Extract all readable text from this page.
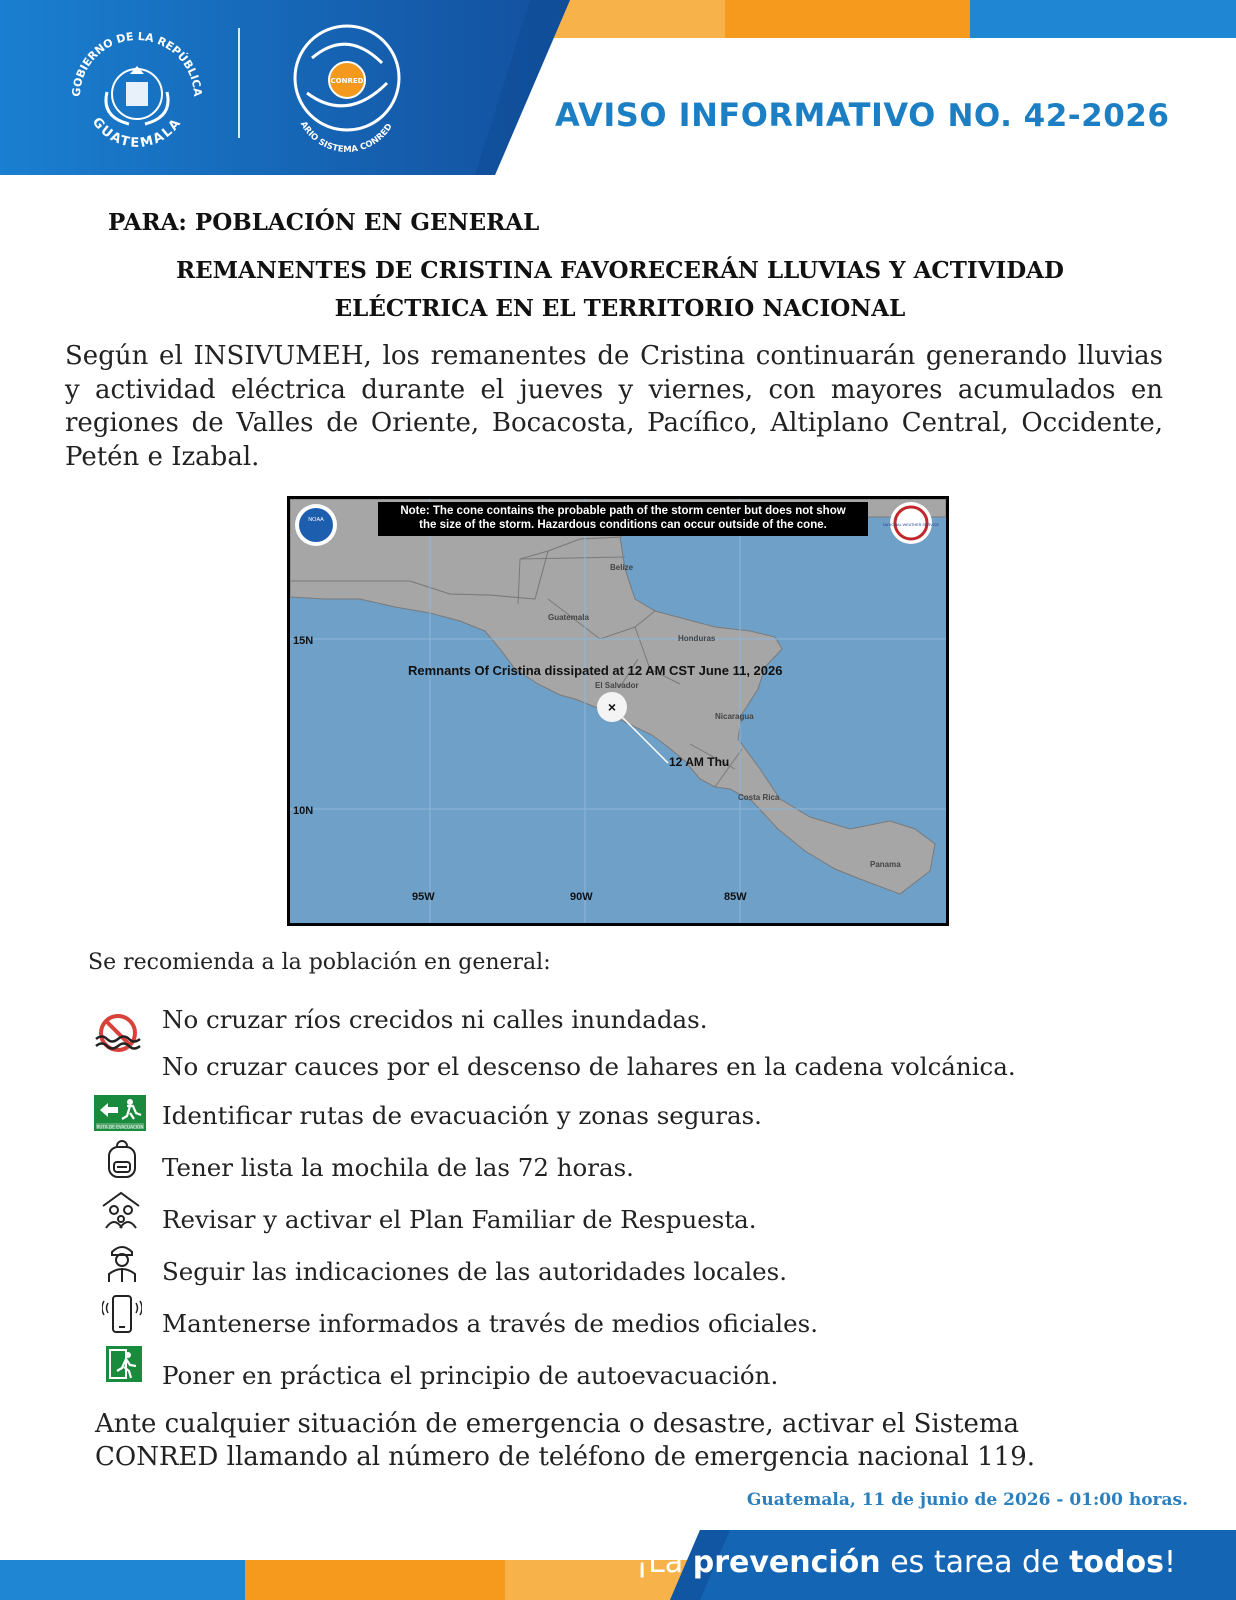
GOBIERNO DE LA REPÚBLICA
GUATEMALA
CONRED
ARIO SISTEMA CONRED	AVISO INFORMATIVO NO. 42-2026
PARA: POBLACIÓN EN GENERAL
REMANENTES DE CRISTINA FAVORECERÁN LLUVIAS Y ACTIVIDAD
ELÉCTRICA EN EL TERRITORIO NACIONAL
Según el INSIVUMEH, los remanentes de Cristina continuarán generando lluvias y actividad eléctrica durante el jueves y viernes, con mayores acumulados en regiones de Valles de Oriente, Bocacosta, Pacífico, Altiplano Central, Occidente, Petén e Izabal.
NOAA
NATIONAL WEATHER SERVICE
×
Note: The cone contains the probable path of the storm center but does not show
the size of the storm. Hazardous conditions can occur outside of the cone.
Belize
Guatemala
Honduras
El Salvador
Nicaragua
Costa Rica
Panama
15N
10N
95W	90W	85W
Remnants Of Cristina dissipated at 12 AM CST June 11, 2026
12 AM Thu
Se recomienda a la población en general:
No cruzar ríos crecidos ni calles inundadas.
No cruzar cauces por el descenso de lahares en la cadena volcánica.
RUTA DE EVACUACIÓN Identificar rutas de evacuación y zonas seguras.
Tener lista la mochila de las 72 horas.
Revisar y activar el Plan Familiar de Respuesta.
Seguir las indicaciones de las autoridades locales.
Mantenerse informados a través de medios oficiales.
Poner en práctica el principio de autoevacuación.
Ante cualquier situación de emergencia o desastre, activar el Sistema CONRED llamando al número de teléfono de emergencia nacional 119.
Guatemala, 11 de junio de 2026 - 01:00 horas.
¡La prevención es tarea de todos!
